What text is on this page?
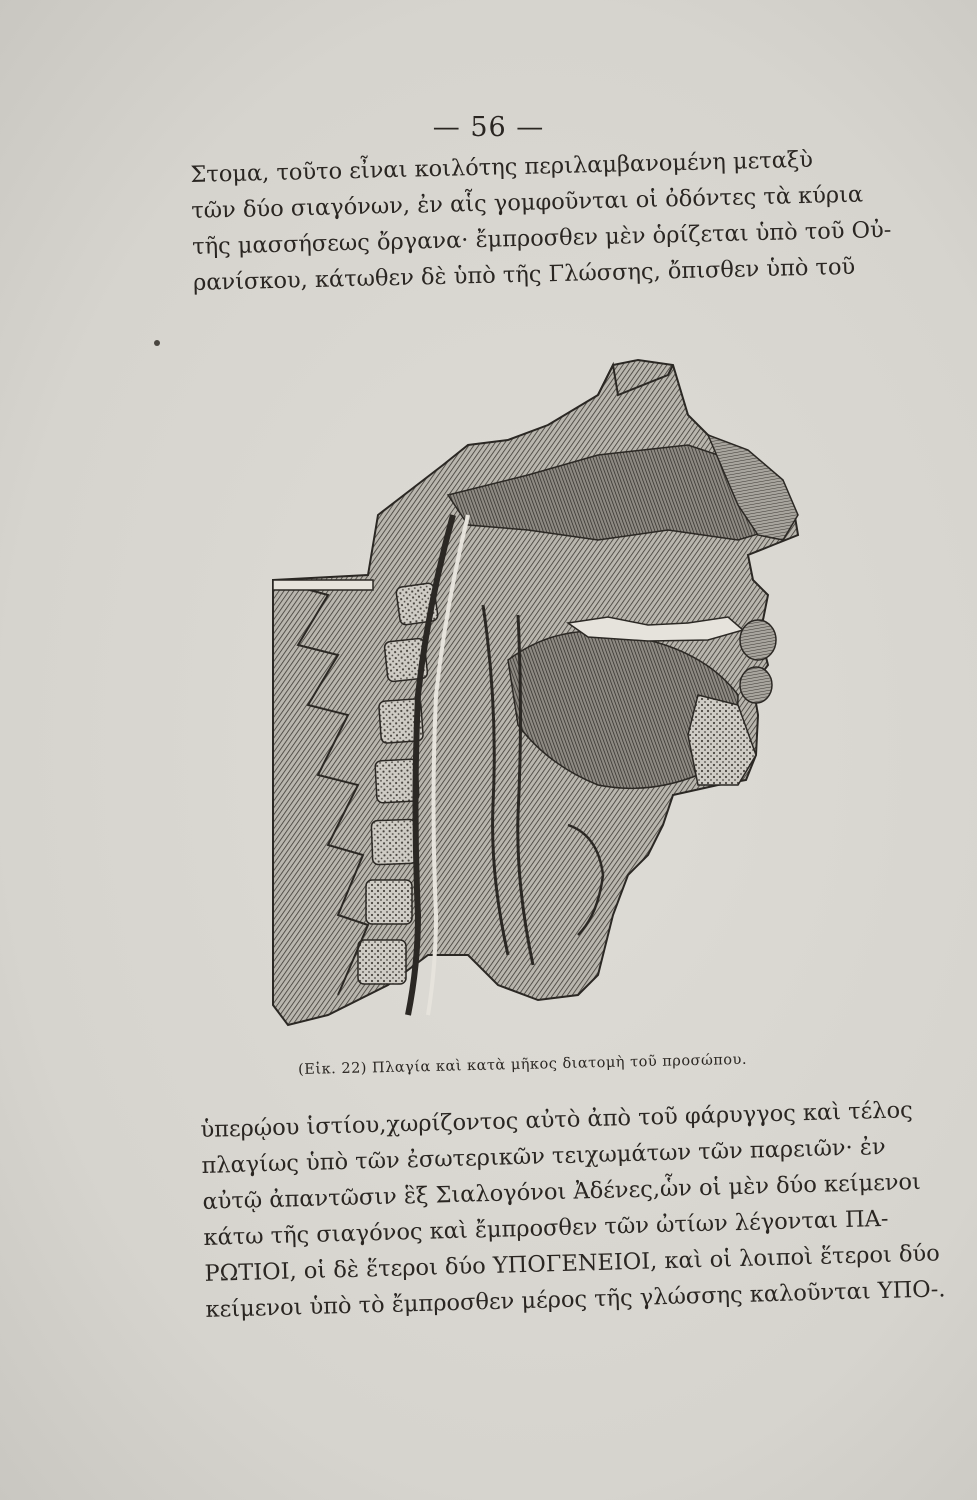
— 56 —
Στομα, τοῦτο εἶναι κοιλότης περιλαμβανομένη μεταξὺ
τῶν δύο σιαγόνων, ἐν αἷς γομφοῦνται οἱ ὀδόντες τὰ κύρια
τῆς μασσήσεως ὄργανα· ἔμπροσθεν μὲν ὁρίζεται ὑπὸ τοῦ Οὐ-
ρανίσκου, κάτωθεν δὲ ὑπὸ τῆς Γλώσσης, ὄπισθεν ὑπὸ τοῦ
(Εἰκ. 22) Πλαγία καὶ κατὰ μῆκος διατομὴ τοῦ προσώπου.
ὑπερῴου ἱστίου,χωρίζοντος αὐτὸ ἀπὸ τοῦ φάρυγγος καὶ τέλος
πλαγίως ὑπὸ τῶν ἐσωτερικῶν τειχωμάτων τῶν παρειῶν· ἐν
αὐτῷ ἀπαντῶσιν ἓξ Σιαλογόνοι Ἀδένες,ὧν οἱ μὲν δύο κείμενοι
κάτω τῆς σιαγόνος καὶ ἔμπροσθεν τῶν ὠτίων λέγονται ΠΑ-
ΡΩΤΙΟΙ, οἱ δὲ ἕτεροι δύο ΥΠΟΓΕΝΕΙΟΙ, καὶ οἱ λοιποὶ ἕτεροι δύο
κείμενοι ὑπὸ τὸ ἔμπροσθεν μέρος τῆς γλώσσης καλοῦνται ΥΠΟ-.
